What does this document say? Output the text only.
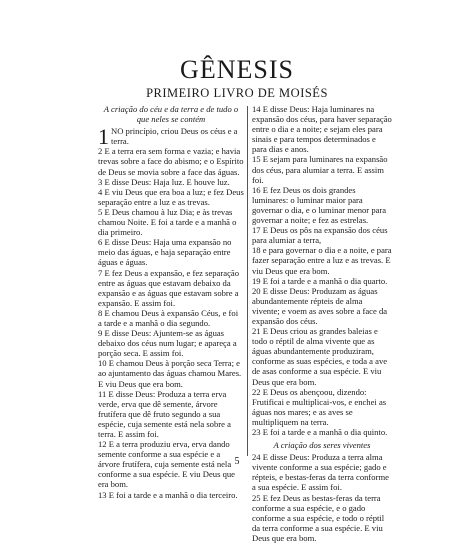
GÊNESIS
PRIMEIRO LIVRO DE MOISÉS

A criação do céu e da terra e de tudo o que neles se contém

1 NO princípio, criou Deus os céus e a terra.

2 E a terra era sem forma e vazia; e havia trevas sobre a face do abismo; e o Espírito de Deus se movia sobre a face das águas.

3 E disse Deus: Haja luz. E houve luz.

4 E viu Deus que era boa a luz; e fez Deus separação entre a luz e as trevas.

5 E Deus chamou à luz Dia; e às trevas chamou Noite. E foi a tarde e a manhã o dia primeiro.

6 E disse Deus: Haja uma expansão no meio das águas, e haja separação entre águas e águas.

7 E fez Deus a expansão, e fez separação entre as águas que estavam debaixo da expansão e as águas que estavam sobre a expansão. E assim foi.

8 E chamou Deus à expansão Céus, e foi a tarde e a manhã o dia segundo.

9 E disse Deus: Ajuntem-se as águas debaixo dos céus num lugar; e apareça a porção seca. E assim foi.

10 E chamou Deus à porção seca Terra; e ao ajuntamento das águas chamou Mares. E viu Deus que era bom.

11 E disse Deus: Produza a terra erva verde, erva que dê semente, árvore frutífera que dê fruto segundo a sua espécie, cuja semente está nela sobre a terra. E assim foi.

12 E a terra produziu erva, erva dando semente conforme a sua espécie e a árvore frutífera, cuja semente está nela conforme a sua espécie. E viu Deus que era bom.

13 E foi a tarde e a manhã o dia terceiro.

14 E disse Deus: Haja luminares na expansão dos céus, para haver separação entre o dia e a noite; e sejam eles para sinais e para tempos determinados e para dias e anos.

15 E sejam para luminares na expansão dos céus, para alumiar a terra. E assim foi.

16 E fez Deus os dois grandes luminares: o luminar maior para governar o dia, e o luminar menor para governar a noite; e fez as estrelas.

17 E Deus os pôs na expansão dos céus para alumiar a terra,

18 e para governar o dia e a noite, e para fazer separação entre a luz e as trevas. E viu Deus que era bom.

19 E foi a tarde e a manhã o dia quarto.

20 E disse Deus: Produzam as águas abundantemente répteis de alma vivente; e voem as aves sobre a face da expansão dos céus.

21 E Deus criou as grandes baleias e todo o réptil de alma vivente que as águas abundantemente produziram, conforme as suas espécies, e toda a ave de asas conforme a sua espécie. E viu Deus que era bom.

22 E Deus os abençoou, dizendo: Frutificai e multiplicai-vos, e enchei as águas nos mares; e as aves se multipliquem na terra.

23 E foi a tarde e a manhã o dia quinto.

A criação dos seres viventes

24 E disse Deus: Produza a terra alma vivente conforme a sua espécie; gado e répteis, e bestas-feras da terra conforme a sua espécie. E assim foi.

25 E fez Deus as bestas-feras da terra conforme a sua espécie, e o gado conforme a sua espécie, e todo o réptil da terra conforme a sua espécie. E viu Deus que era bom.

5
